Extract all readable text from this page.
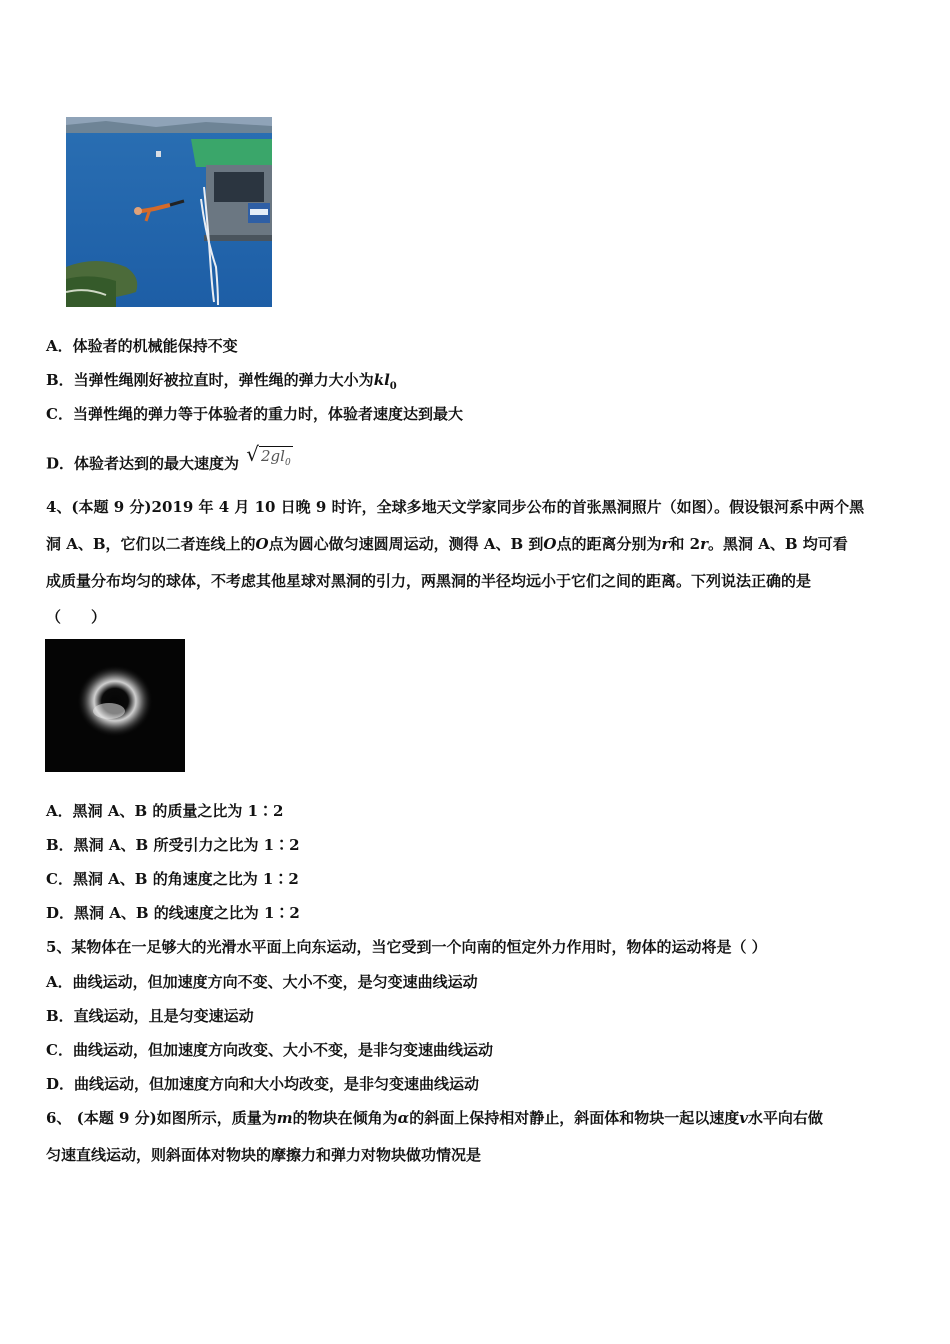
A．体验者的机械能保持不变
B．当弹性绳刚好被拉直时，弹性绳的弹力大小为$kl_0$
C．当弹性绳的弹力等于体验者的重力时，体验者速度达到最大
D．体验者达到的最大速度为 √ $2gl_0$
4、(本题 9 分)2019 年 4 月 10 日晚 9 时许，全球多地天文学家同步公布的首张黑洞照片（如图）。假设银河系中两个黑
洞 A、B，它们以二者连线上的O点为圆心做匀速圆周运动，测得 A、B 到O点的距离分别为r和 2r。黑洞 A、B 均可看
成质量分布均匀的球体，不考虑其他星球对黑洞的引力，两黑洞的半径均远小于它们之间的距离。下列说法正确的是
（　　）
A．黑洞 A、B 的质量之比为 1∶2
B．黑洞 A、B 所受引力之比为 1∶2
C．黑洞 A、B 的角速度之比为 1∶2
D．黑洞 A、B 的线速度之比为 1∶2
5、某物体在一足够大的光滑水平面上向东运动，当它受到一个向南的恒定外力作用时，物体的运动将是（ ）
A．曲线运动，但加速度方向不变、大小不变，是匀变速曲线运动
B．直线运动，且是匀变速运动
C．曲线运动，但加速度方向改变、大小不变，是非匀变速曲线运动
D．曲线运动，但加速度方向和大小均改变，是非匀变速曲线运动
6、 (本题 9 分)如图所示，质量为m的物块在倾角为α的斜面上保持相对静止，斜面体和物块一起以速度v水平向右做
匀速直线运动，则斜面体对物块的摩擦力和弹力对物块做功情况是
